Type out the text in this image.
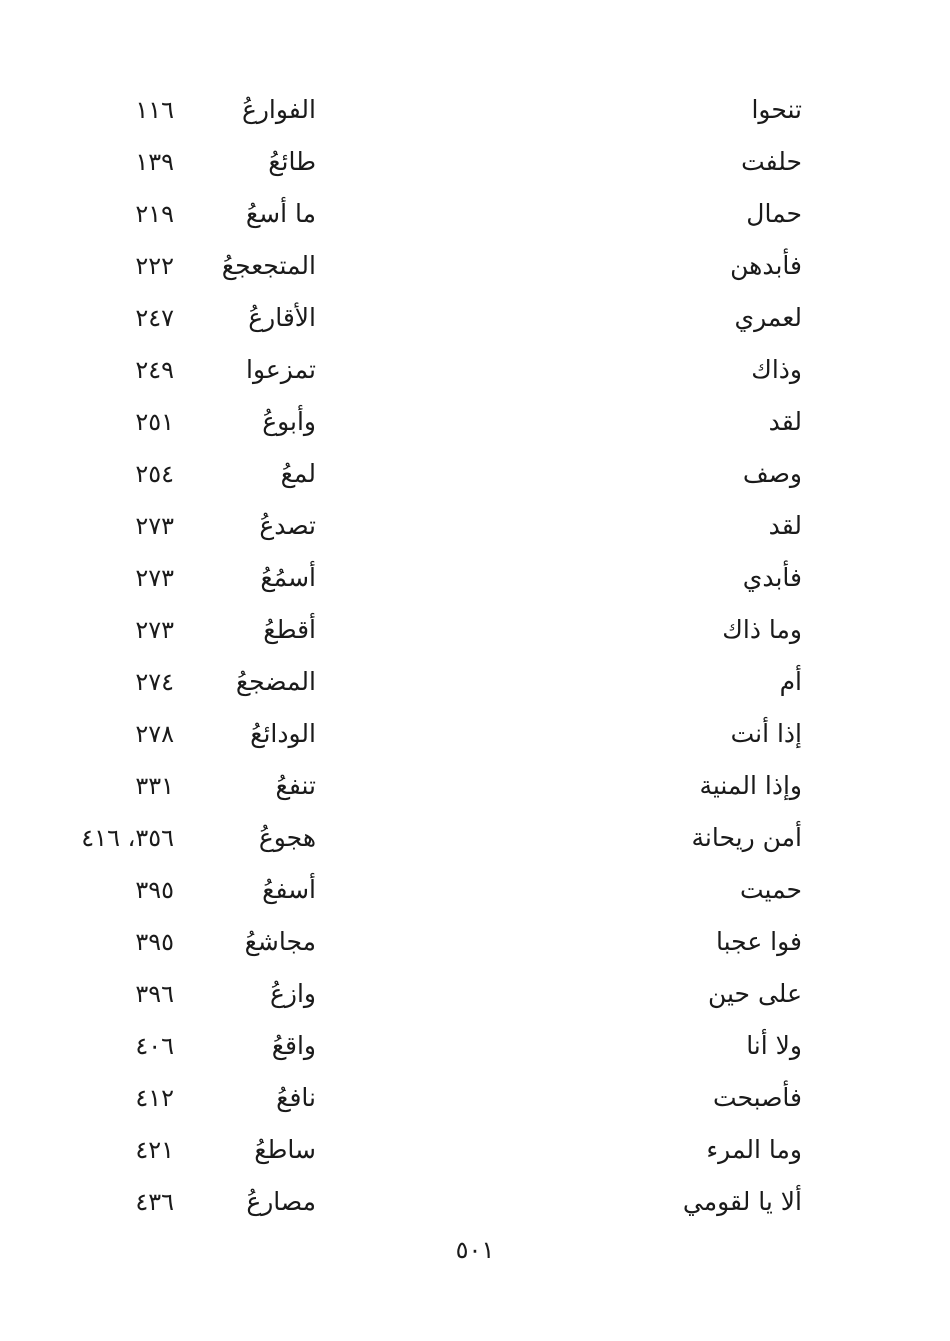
تنحوا
الفوارعُ
١١٦
حلفت
طائعُ
١٣٩
حمال
ما أسعُ
٢١٩
فأبدهن
المتجعجعُ
٢٢٢
لعمري
الأقارعُ
٢٤٧
وذاك
تمزعوا
٢٤٩
لقد
وأبوعُ
٢٥١
وصف
لمعُ
٢٥٤
لقد
تصدعُ
٢٧٣
فأبدي
أسمُعُ
٢٧٣
وما ذاك
أقطعُ
٢٧٣
أم
المضجعُ
٢٧٤
إذا أنت
الودائعُ
٢٧٨
وإذا المنية
تنفعُ
٣٣١
أمن ريحانة
هجوعُ
٣٥٦، ٤١٦
حميت
أسفعُ
٣٩٥
فوا عجبا
مجاشعُ
٣٩٥
على حين
وازعُ
٣٩٦
ولا أنا
واقعُ
٤٠٦
فأصبحت
نافعُ
٤١٢
وما المرء
ساطعُ
٤٢١
ألا يا لقومي
مصارعُ
٤٣٦
٥٠١
